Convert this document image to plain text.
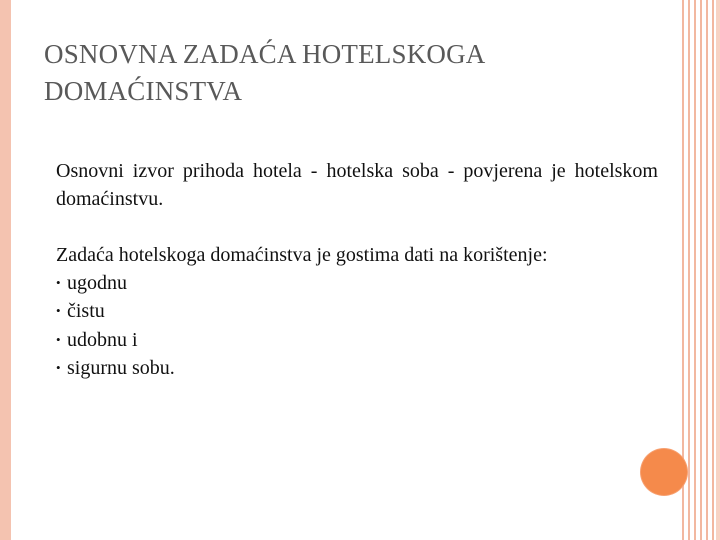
OSNOVNA ZADAĆA HOTELSKOGA
DOMAĆINSTVA

Osnovni izvor prihoda hotela - hotelska soba - povjerena je hotelskom domaćinstvu.

Zadaća hotelskoga domaćinstva je gostima dati na korištenje:

• ugodnu
• čistu
• udobnu i
• sigurnu sobu.
